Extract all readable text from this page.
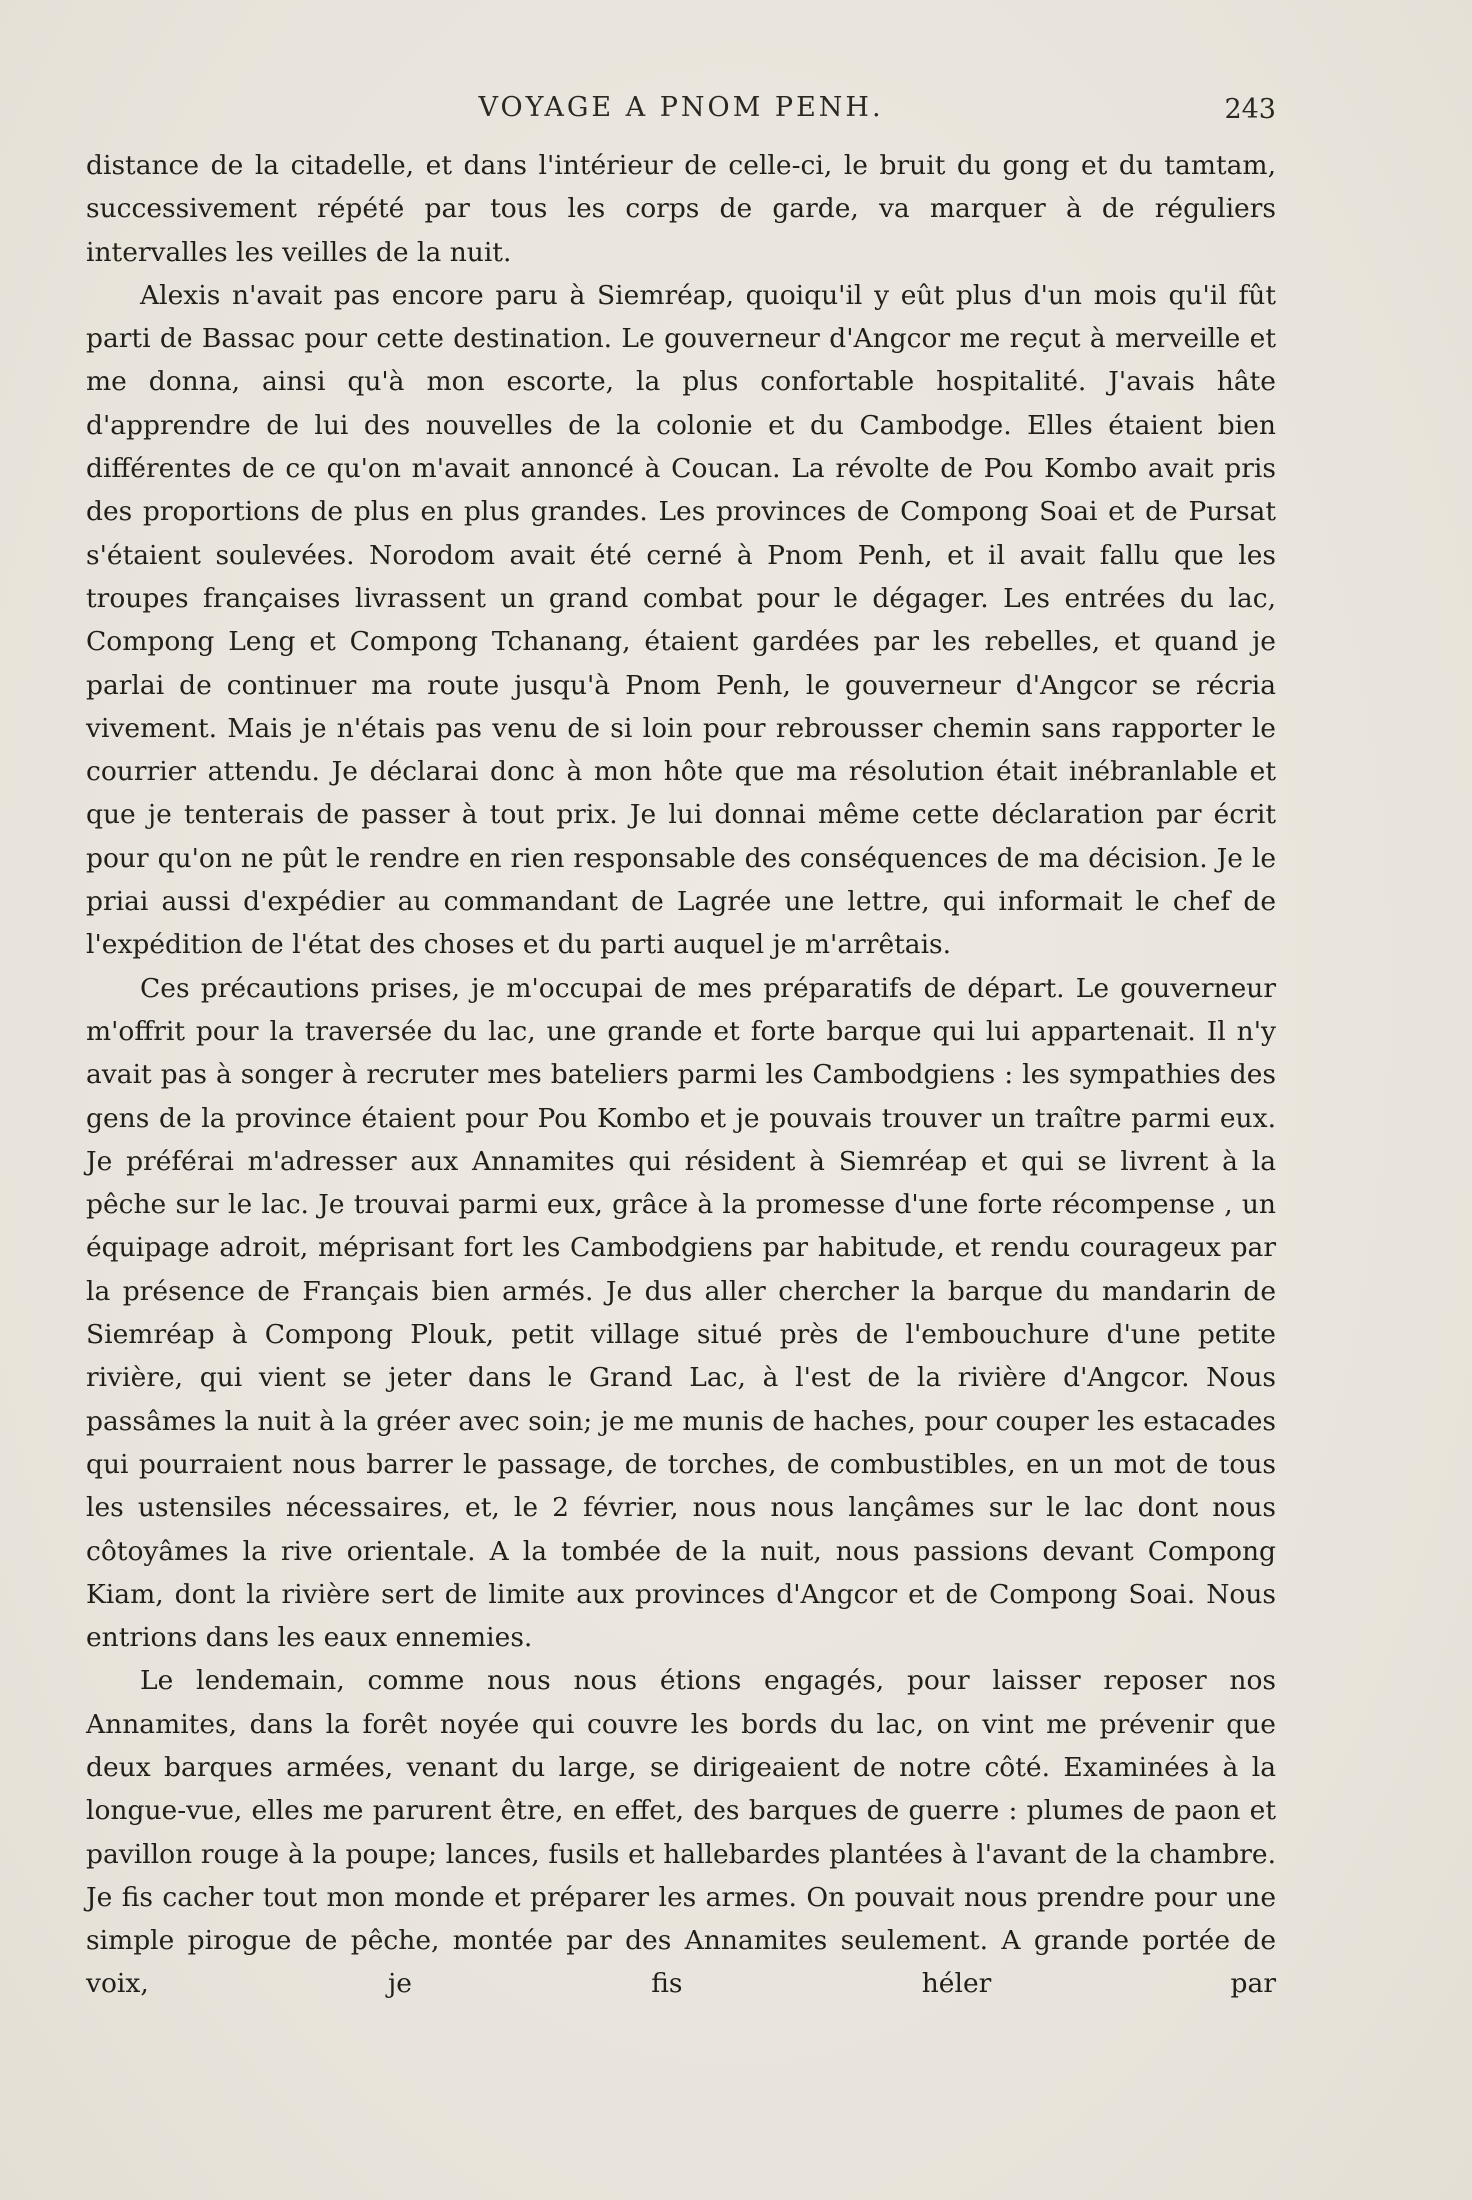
VOYAGE A PNOM PENH.	243

distance de la citadelle, et dans l'intérieur de celle-ci, le bruit du gong et du tamtam, successivement répété par tous les corps de garde, va marquer à de réguliers intervalles les veilles de la nuit.

Alexis n'avait pas encore paru à Siemréap, quoiqu'il y eût plus d'un mois qu'il fût parti de Bassac pour cette destination. Le gouverneur d'Angcor me reçut à merveille et me donna, ainsi qu'à mon escorte, la plus confortable hospitalité. J'avais hâte d'apprendre de lui des nouvelles de la colonie et du Cambodge. Elles étaient bien différentes de ce qu'on m'avait annoncé à Coucan. La révolte de Pou Kombo avait pris des proportions de plus en plus grandes. Les provinces de Compong Soai et de Pursat s'étaient soulevées. Norodom avait été cerné à Pnom Penh, et il avait fallu que les troupes françaises livrassent un grand combat pour le dégager. Les entrées du lac, Compong Leng et Compong Tchanang, étaient gardées par les rebelles, et quand je parlai de continuer ma route jusqu'à Pnom Penh, le gouverneur d'Angcor se récria vivement. Mais je n'étais pas venu de si loin pour rebrousser chemin sans rapporter le courrier attendu. Je déclarai donc à mon hôte que ma résolution était inébranlable et que je tenterais de passer à tout prix. Je lui donnai même cette déclaration par écrit pour qu'on ne pût le rendre en rien responsable des conséquences de ma décision. Je le priai aussi d'expédier au commandant de Lagrée une lettre, qui informait le chef de l'expédition de l'état des choses et du parti auquel je m'arrêtais.

Ces précautions prises, je m'occupai de mes préparatifs de départ. Le gouverneur m'offrit pour la traversée du lac, une grande et forte barque qui lui appartenait. Il n'y avait pas à songer à recruter mes bateliers parmi les Cambodgiens : les sympathies des gens de la province étaient pour Pou Kombo et je pouvais trouver un traître parmi eux. Je préférai m'adresser aux Annamites qui résident à Siemréap et qui se livrent à la pêche sur le lac. Je trouvai parmi eux, grâce à la promesse d'une forte récompense , un équipage adroit, méprisant fort les Cambodgiens par habitude, et rendu courageux par la présence de Français bien armés. Je dus aller chercher la barque du mandarin de Siemréap à Compong Plouk, petit village situé près de l'embouchure d'une petite rivière, qui vient se jeter dans le Grand Lac, à l'est de la rivière d'Angcor. Nous passâmes la nuit à la gréer avec soin; je me munis de haches, pour couper les estacades qui pourraient nous barrer le passage, de torches, de combustibles, en un mot de tous les ustensiles nécessaires, et, le 2 février, nous nous lançâmes sur le lac dont nous côtoyâmes la rive orientale. A la tombée de la nuit, nous passions devant Compong Kiam, dont la rivière sert de limite aux provinces d'Angcor et de Compong Soai. Nous entrions dans les eaux ennemies.

Le lendemain, comme nous nous étions engagés, pour laisser reposer nos Annamites, dans la forêt noyée qui couvre les bords du lac, on vint me prévenir que deux barques armées, venant du large, se dirigeaient de notre côté. Examinées à la longue-vue, elles me parurent être, en effet, des barques de guerre : plumes de paon et pavillon rouge à la poupe; lances, fusils et hallebardes plantées à l'avant de la chambre. Je fis cacher tout mon monde et préparer les armes. On pouvait nous prendre pour une simple pirogue de pêche, montée par des Annamites seulement. A grande portée de voix, je fis héler par
